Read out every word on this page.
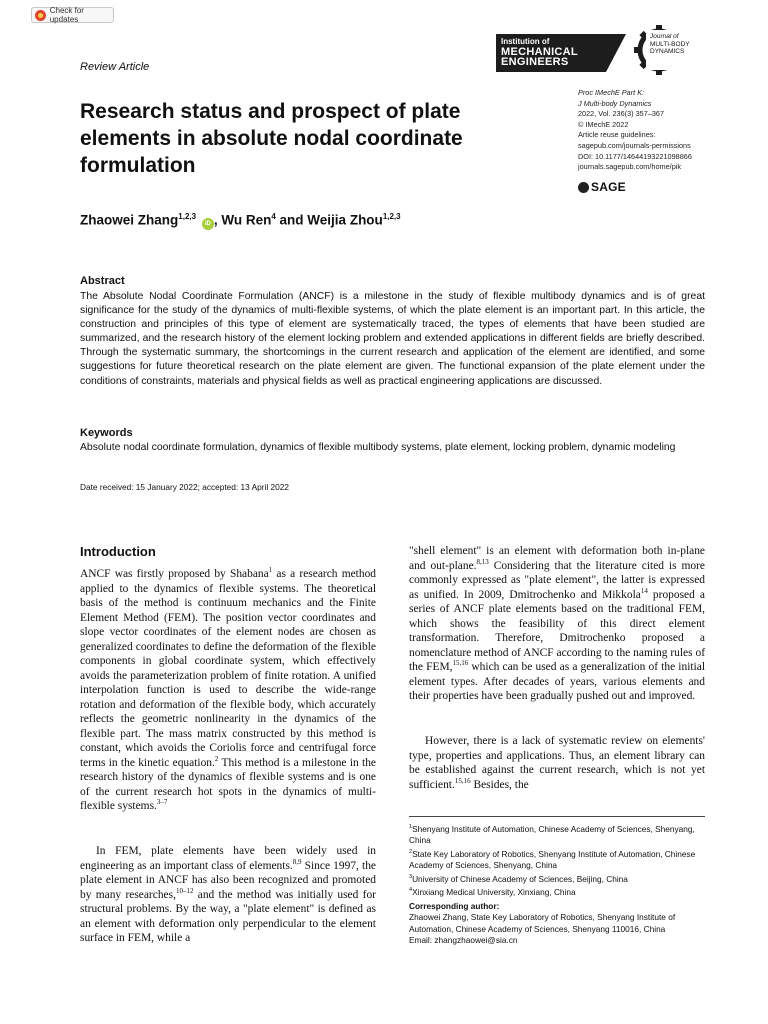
Check for updates
Review Article
Institution of
MECHANICAL
ENGINEERS
Journal of
MULTI-BODY
DYNAMICS
Research status and prospect of plate elements in absolute nodal coordinate formulation
Proc IMechE Part K:
J Multi-body Dynamics
2022, Vol. 236(3) 357–367
© IMechE 2022
Article reuse guidelines:
sagepub.com/journals-permissions
DOI: 10.1177/14644193221098866
journals.sagepub.com/home/pik
SAGE
Zhaowei Zhang$^{1,2,3}$ iD , Wu Ren$^4$ and Weijia Zhou$^{1,2,3}$
Abstract

The Absolute Nodal Coordinate Formulation (ANCF) is a milestone in the study of flexible multibody dynamics and is of great significance for the study of the dynamics of multi-flexible systems, of which the plate element is an important part. In this article, the construction and principles of this type of element are systematically traced, the types of elements that have been studied are summarized, and the research history of the element locking problem and extended applications in different fields are briefly described. Through the systematic summary, the shortcomings in the current research and application of the element are identified, and some suggestions for future theoretical research on the plate element are given. The functional expansion of the plate element under the conditions of constraints, materials and physical fields as well as practical engineering applications are discussed.

Keywords

Absolute nodal coordinate formulation, dynamics of flexible multibody systems, plate element, locking problem, dynamic modeling

Date received: 15 January 2022; accepted: 13 April 2022
Introduction

ANCF was firstly proposed by Shabana$^1$ as a research method applied to the dynamics of flexible systems. The theoretical basis of the method is continuum mechanics and the Finite Element Method (FEM). The position vector coordinates and slope vector coordinates of the element nodes are chosen as generalized coordinates to define the deformation of the flexible components in global coordinate system, which effectively avoids the parameterization problem of finite rotation. A unified interpolation function is used to describe the wide-range rotation and deformation of the flexible body, which accurately reflects the geometric nonlinearity in the dynamics of the flexible part. The mass matrix constructed by this method is constant, which avoids the Coriolis force and centrifugal force terms in the kinetic equation.$^2$ This method is a milestone in the research history of the dynamics of flexible systems and is one of the current research hot spots in the dynamics of multi-flexible systems.$^{3-7}$

In FEM, plate elements have been widely used in engineering as an important class of elements.$^{8,9}$ Since 1997, the plate element in ANCF has also been recognized and promoted by many researches,$^{10-12}$ and the method was initially used for structural problems. By the way, a "plate element" is defined as an element with deformation only perpendicular to the element surface in FEM, while a

"shell element" is an element with deformation both in-plane and out-plane.$^{8,13}$ Considering that the literature cited is more commonly expressed as "plate element", the latter is expressed as unified. In 2009, Dmitrochenko and Mikkola$^{14}$ proposed a series of ANCF plate elements based on the traditional FEM, which shows the feasibility of this direct element transformation. Therefore, Dmitrochenko proposed a nomenclature method of ANCF according to the naming rules of the FEM,$^{15,16}$ which can be used as a generalization of the initial element types. After decades of years, various elements and their properties have been gradually pushed out and improved.

However, there is a lack of systematic review on elements' type, properties and applications. Thus, an element library can be established against the current research, which is not yet sufficient.$^{15,16}$ Besides, the

$^1$Shenyang Institute of Automation, Chinese Academy of Sciences, Shenyang, China
$^2$State Key Laboratory of Robotics, Shenyang Institute of Automation, Chinese Academy of Sciences, Shenyang, China
$^3$University of Chinese Academy of Sciences, Beijing, China
$^4$Xinxiang Medical University, Xinxiang, China
Corresponding author:
Zhaowei Zhang, State Key Laboratory of Robotics, Shenyang Institute of Automation, Chinese Academy of Sciences, Shenyang 110016, China
Email: zhangzhaowei@sia.cn
